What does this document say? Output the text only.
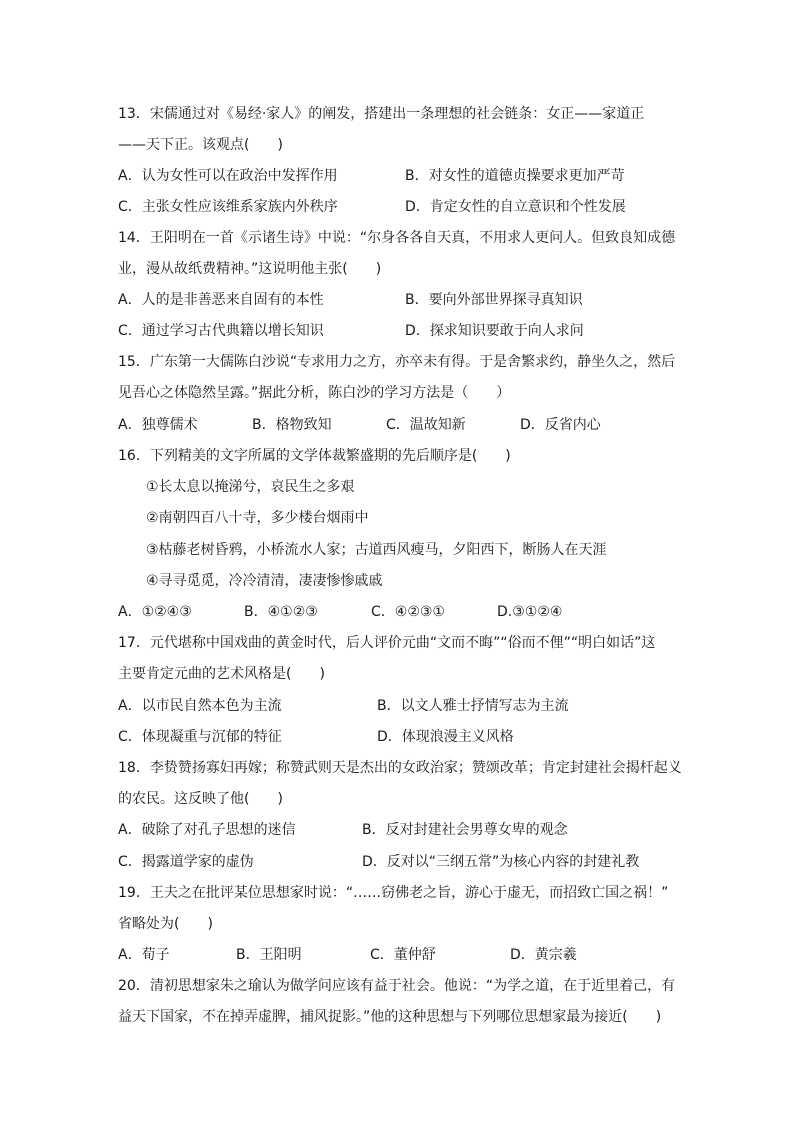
13．宋儒通过对《易经·家人》的阐发，搭建出一条理想的社会链条：女正——家道正
——天下正。该观点(　　)
A．认为女性可以在政治中发挥作用	B．对女性的道德贞操要求更加严苛
C．主张女性应该维系家族内外秩序	D．肯定女性的自立意识和个性发展
14．王阳明在一首《示诸生诗》中说：“尔身各各自天真，不用求人更问人。但致良知成德
业，漫从故纸费精神。”这说明他主张(　　)
A．人的是非善恶来自固有的本性	B．要向外部世界探寻真知识
C．通过学习古代典籍以增长知识	D．探求知识要敢于向人求问
15．广东第一大儒陈白沙说“专求用力之方，亦卒未有得。于是舍繁求约，静坐久之，然后
见吾心之体隐然呈露。”据此分析，陈白沙的学习方法是（　　）
A．独尊儒术	B．格物致知	C．温故知新	D．反省内心
16．下列精美的文字所属的文学体裁繁盛期的先后顺序是(　　)
①长太息以掩涕兮，哀民生之多艰
②南朝四百八十寺，多少楼台烟雨中
③枯藤老树昏鸦，小桥流水人家；古道西风瘦马，夕阳西下，断肠人在天涯
④寻寻觅觅，冷冷清清，凄凄惨惨戚戚
A．①②④③	B．④①②③	C．④②③①	D.③①②④
17．元代堪称中国戏曲的黄金时代，后人评价元曲“文而不晦”“俗而不俚”“明白如话”这
主要肯定元曲的艺术风格是(　　)
A．以市民自然本色为主流	B．以文人雅士抒情写志为主流
C．体现凝重与沉郁的特征	D．体现浪漫主义风格
18．李贽赞扬寡妇再嫁；称赞武则天是杰出的女政治家；赞颂改革；肯定封建社会揭杆起义
的农民。这反映了他(　　)
A．破除了对孔子思想的迷信	B．反对封建社会男尊女卑的观念
C．揭露道学家的虚伪	D．反对以“三纲五常”为核心内容的封建礼教
19．王夫之在批评某位思想家时说：“……窃佛老之旨，游心于虚无，而招致亡国之祸！”
省略处为(　　)
A．荀子	B．王阳明	C．董仲舒	D．黄宗羲
20．清初思想家朱之瑜认为做学问应该有益于社会。他说：“为学之道，在于近里着己，有
益天下国家，不在掉弄虚脾，捕风捉影。”他的这种思想与下列哪位思想家最为接近(　　)
